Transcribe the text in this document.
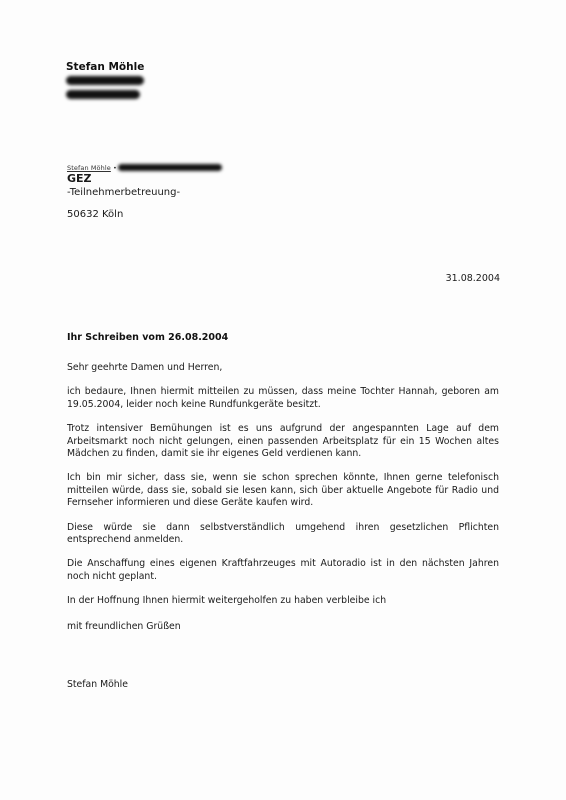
Stefan Möhle
Stefan Möhle •
GEZ
-Teilnehmerbetreuung-
50632 Köln
31.08.2004
Ihr Schreiben vom 26.08.2004

Sehr geehrte Damen und Herren,

ich bedaure, Ihnen hiermit mitteilen zu müssen, dass meine Tochter Hannah, geboren am 19.05.2004, leider noch keine Rundfunkgeräte besitzt.

Trotz intensiver Bemühungen ist es uns aufgrund der angespannten Lage auf dem Arbeitsmarkt noch nicht gelungen, einen passenden Arbeitsplatz für ein 15 Wochen altes Mädchen zu finden, damit sie ihr eigenes Geld verdienen kann.

Ich bin mir sicher, dass sie, wenn sie schon sprechen könnte, Ihnen gerne telefonisch mitteilen würde, dass sie, sobald sie lesen kann, sich über aktuelle Angebote für Radio und Fernseher informieren und diese Geräte kaufen wird.

Diese würde sie dann selbstverständlich umgehend ihren gesetzlichen Pflichten entsprechend anmelden.

Die Anschaffung eines eigenen Kraftfahrzeuges mit Autoradio ist in den nächsten Jahren noch nicht geplant.

In der Hoffnung Ihnen hiermit weitergeholfen zu haben verbleibe ich

mit freundlichen Grüßen
Stefan Möhle
